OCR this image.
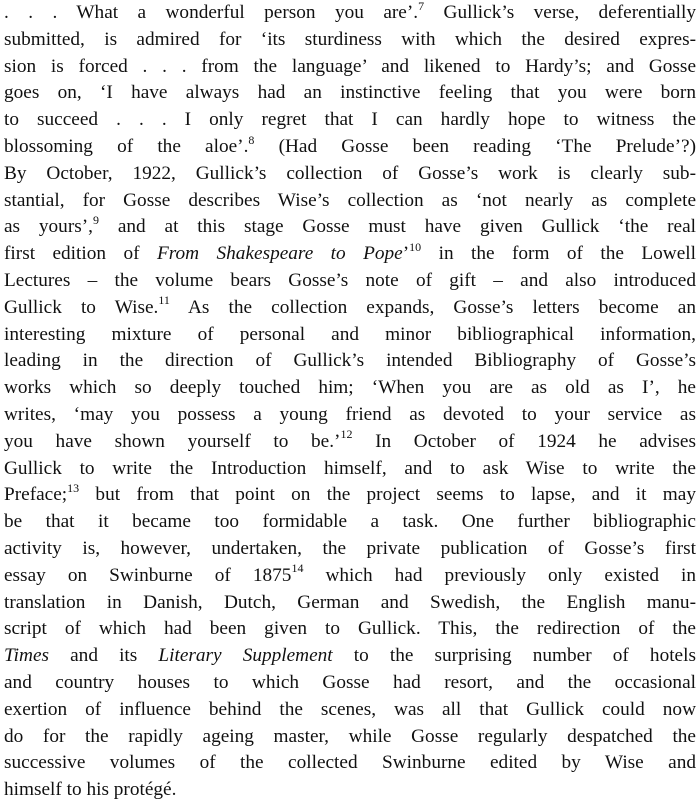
. . . What a wonderful person you are’.$^7$ Gullick’s verse, deferentially
submitted, is admired for ‘its sturdiness with which the desired expres-
sion is forced . . . from the language’ and likened to Hardy’s; and Gosse
goes on, ‘I have always had an instinctive feeling that you were born
to succeed . . . I only regret that I can hardly hope to witness the
blossoming of the aloe’.$^8$ (Had Gosse been reading ‘The Prelude’?)
By October, 1922, Gullick’s collection of Gosse’s work is clearly sub-
stantial, for Gosse describes Wise’s collection as ‘not nearly as complete
as yours’,$^9$ and at this stage Gosse must have given Gullick ‘the real
first edition of From Shakespeare to Pope’$^{10}$ in the form of the Lowell
Lectures – the volume bears Gosse’s note of gift – and also introduced
Gullick to Wise.$^{11}$ As the collection expands, Gosse’s letters become an
interesting mixture of personal and minor bibliographical information,
leading in the direction of Gullick’s intended Bibliography of Gosse’s
works which so deeply touched him; ‘When you are as old as I’, he
writes, ‘may you possess a young friend as devoted to your service as
you have shown yourself to be.’$^{12}$ In October of 1924 he advises
Gullick to write the Introduction himself, and to ask Wise to write the
Preface;$^{13}$ but from that point on the project seems to lapse, and it may
be that it became too formidable a task. One further bibliographic
activity is, however, undertaken, the private publication of Gosse’s first
essay on Swinburne of 1875$^{14}$ which had previously only existed in
translation in Danish, Dutch, German and Swedish, the English manu-
script of which had been given to Gullick. This, the redirection of the
Times and its Literary Supplement to the surprising number of hotels
and country houses to which Gosse had resort, and the occasional
exertion of influence behind the scenes, was all that Gullick could now
do for the rapidly ageing master, while Gosse regularly despatched the
successive volumes of the collected Swinburne edited by Wise and
himself to his protégé.
